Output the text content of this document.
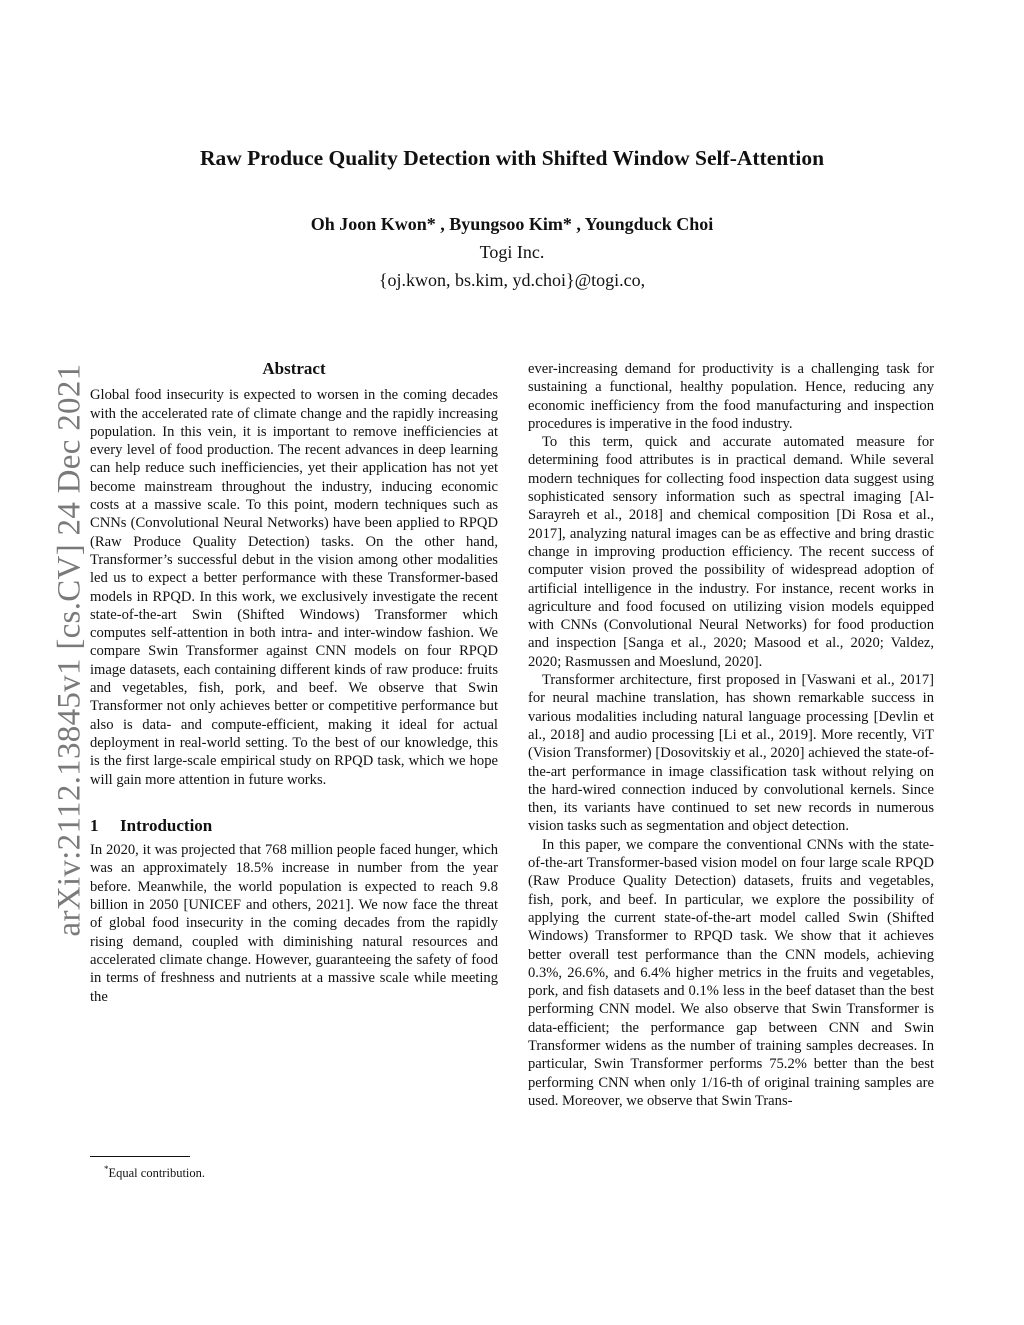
arXiv:2112.13845v1 [cs.CV] 24 Dec 2021
Raw Produce Quality Detection with Shifted Window Self-Attention
Oh Joon Kwon* , Byungsoo Kim* , Youngduck Choi
Togi Inc.
{oj.kwon, bs.kim, yd.choi}@togi.co,
Abstract

Global food insecurity is expected to worsen in the coming decades with the accelerated rate of climate change and the rapidly increasing population. In this vein, it is important to remove inefficiencies at every level of food production. The recent advances in deep learning can help reduce such inefficiencies, yet their application has not yet become mainstream throughout the industry, inducing economic costs at a massive scale. To this point, modern techniques such as CNNs (Convolutional Neural Networks) have been applied to RPQD (Raw Produce Quality Detection) tasks. On the other hand, Transformer’s successful debut in the vision among other modalities led us to expect a better performance with these Transformer-based models in RPQD. In this work, we exclusively investigate the recent state-of-the-art Swin (Shifted Windows) Transformer which computes self-attention in both intra- and inter-window fashion. We compare Swin Transformer against CNN models on four RPQD image datasets, each containing different kinds of raw produce: fruits and vegetables, fish, pork, and beef. We observe that Swin Transformer not only achieves better or competitive performance but also is data- and compute-efficient, making it ideal for actual deployment in real-world setting. To the best of our knowledge, this is the first large-scale empirical study on RPQD task, which we hope will gain more attention in future works.

1 Introduction

In 2020, it was projected that 768 million people faced hunger, which was an approximately 18.5% increase in number from the year before. Meanwhile, the world population is expected to reach 9.8 billion in 2050 [UNICEF and others, 2021]. We now face the threat of global food insecurity in the coming decades from the rapidly rising demand, coupled with diminishing natural resources and accelerated climate change. However, guaranteeing the safety of food in terms of freshness and nutrients at a massive scale while meeting the

ever-increasing demand for productivity is a challenging task for sustaining a functional, healthy population. Hence, reducing any economic inefficiency from the food manufacturing and inspection procedures is imperative in the food industry.

To this term, quick and accurate automated measure for determining food attributes is in practical demand. While several modern techniques for collecting food inspection data suggest using sophisticated sensory information such as spectral imaging [Al-Sarayreh et al., 2018] and chemical composition [Di Rosa et al., 2017], analyzing natural images can be as effective and bring drastic change in improving production efficiency. The recent success of computer vision proved the possibility of widespread adoption of artificial intelligence in the industry. For instance, recent works in agriculture and food focused on utilizing vision models equipped with CNNs (Convolutional Neural Networks) for food production and inspection [Sanga et al., 2020; Masood et al., 2020; Valdez, 2020; Rasmussen and Moeslund, 2020].

Transformer architecture, first proposed in [Vaswani et al., 2017] for neural machine translation, has shown remarkable success in various modalities including natural language processing [Devlin et al., 2018] and audio processing [Li et al., 2019]. More recently, ViT (Vision Transformer) [Dosovitskiy et al., 2020] achieved the state-of-the-art performance in image classification task without relying on the hard-wired connection induced by convolutional kernels. Since then, its variants have continued to set new records in numerous vision tasks such as segmentation and object detection.

In this paper, we compare the conventional CNNs with the state-of-the-art Transformer-based vision model on four large scale RPQD (Raw Produce Quality Detection) datasets, fruits and vegetables, fish, pork, and beef. In particular, we explore the possibility of applying the current state-of-the-art model called Swin (Shifted Windows) Transformer to RPQD task. We show that it achieves better overall test performance than the CNN models, achieving 0.3%, 26.6%, and 6.4% higher metrics in the fruits and vegetables, pork, and fish datasets and 0.1% less in the beef dataset than the best performing CNN model. We also observe that Swin Transformer is data-efficient; the performance gap between CNN and Swin Transformer widens as the number of training samples decreases. In particular, Swin Transformer performs 75.2% better than the best performing CNN when only 1/16-th of original training samples are used. Moreover, we observe that Swin Trans-

*Equal contribution.
